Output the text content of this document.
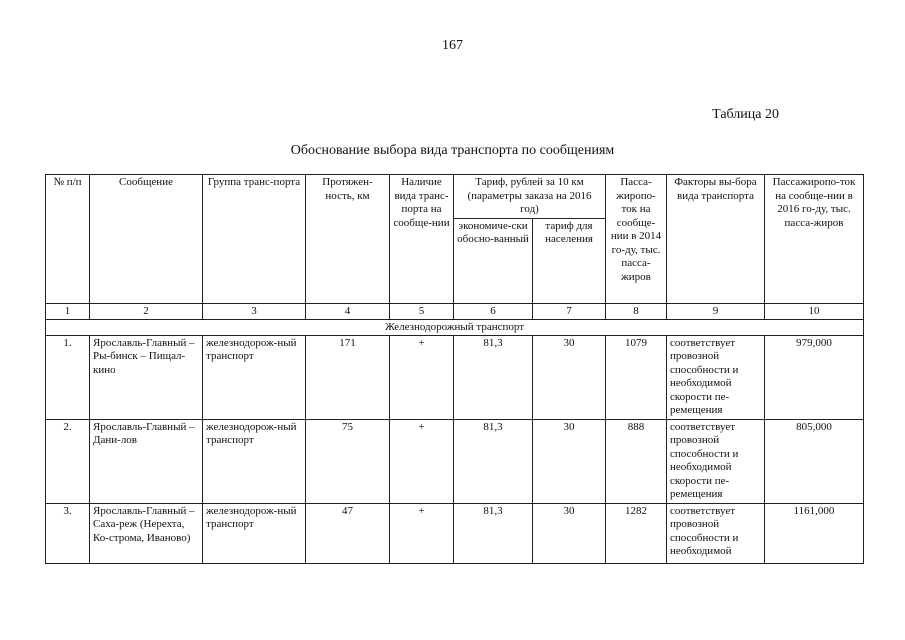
167
Таблица 20
Обоснование выбора вида транспорта по сообщениям
№ п/п	Сообщение	Группа транс-порта	Протяжен-ность, км	Наличие вида транс-порта на сообще-нии	Тариф, рублей за 10 км (параметры заказа на 2016 год)		Пасса-жиропо-ток на сообще-нии в 2014 го-ду, тыс. пасса-жиров	Факторы вы-бора вида транспорта	Пассажиропо-ток на сообще-нии в 2016 го-ду, тыс. пасса-жиров
					экономиче-ски обосно-ванный	тариф для населения			
1	2	3	4	5	6	7	8	9	10
Железнодорожный транспорт									
1.	Ярославль-Главный – Ры-бинск – Пищал-кино	железнодорож-ный транспорт	171	+	81,3	30	1079	соответствует провозной способности и необходимой скорости пе-ремещения	979,000
2.	Ярославль-Главный – Дани-лов	железнодорож-ный транспорт	75	+	81,3	30	888	соответствует провозной способности и необходимой скорости пе-ремещения	805,000
3.	Ярославль-Главный – Саха-реж (Нерехта, Ко-строма, Иваново)	железнодорож-ный транспорт	47	+	81,3	30	1282	соответствует провозной способности и необходимой	1161,000
